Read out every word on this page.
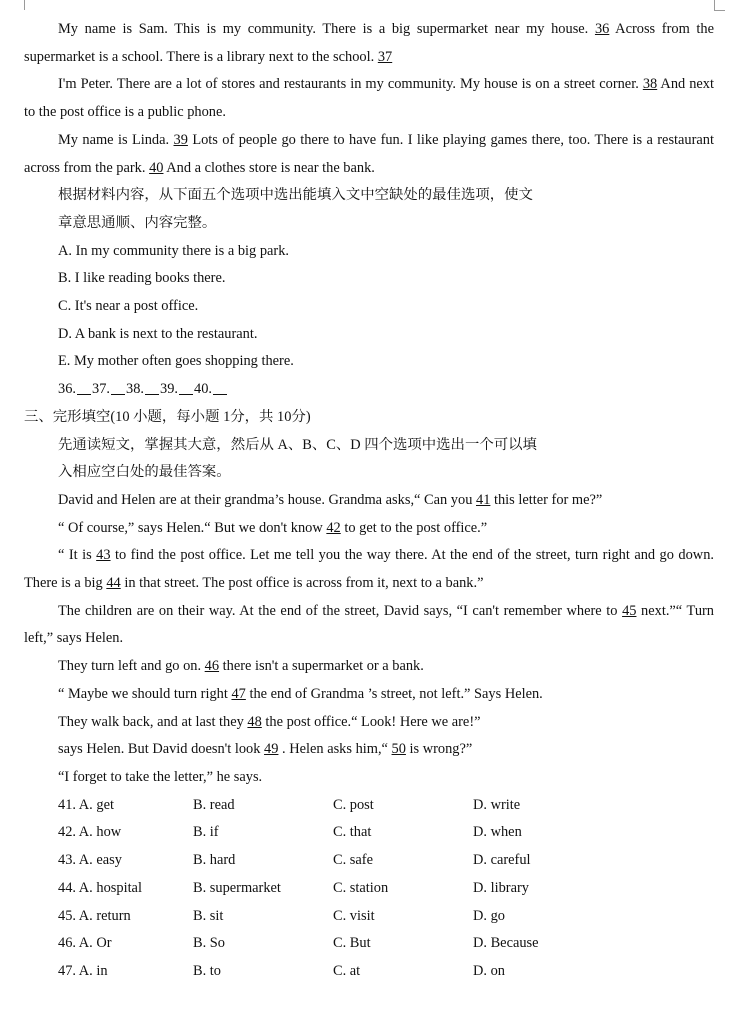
My name is Sam. This is my community. There is a big supermarket near my house. 36 Across from the supermarket is a school. There is a library next to the school. 37

I'm Peter. There are a lot of stores and restaurants in my community. My house is on a street corner. 38 And next to the post office is a public phone.

My name is Linda. 39 Lots of people go there to have fun. I like playing games there, too. There is a restaurant across from the park. 40 And a clothes store is near the bank.

根据材料内容，从下面五个选项中选出能填入文中空缺处的最佳选项，使文

章意思通顺、内容完整。

A. In my community there is a big park.

B. I like reading books there.

C. It's near a post office.

D. A bank is next to the restaurant.

E. My mother often goes shopping there.

36. 37. 38. 39. 40.

三、完形填空(10 小题，每小题 1分，共 10分)

先通读短文，掌握其大意，然后从 A、B、C、D 四个选项中选出一个可以填

入相应空白处的最佳答案。

David and Helen are at their grandma’s house. Grandma asks,“ Can you 41 this letter for me?”

“ Of course,” says Helen.“ But we don't know 42 to get to the post office.”

“ It is 43 to find the post office. Let me tell you the way there. At the end of the street, turn right and go down. There is a big 44 in that street. The post office is across from it, next to a bank.”

The children are on their way. At the end of the street, David says, “I can't remember where to 45 next.”“ Turn left,” says Helen.

They turn left and go on. 46 there isn't a supermarket or a bank.

“ Maybe we should turn right 47 the end of Grandma ’s street, not left.” Says Helen.

They walk back, and at last they 48 the post office.“ Look! Here we are!”

says Helen. But David doesn't look 49 . Helen asks him,“ 50 is wrong?”

“I forget to take the letter,” he says.

41. A. get	B. read	C. post	D. write
42. A. how	B. if	C. that	D. when
43. A. easy	B. hard	C. safe	D. careful
44. A. hospital	B. supermarket	C. station	D. library
45. A. return	B. sit	C. visit	D. go
46. A. Or	B. So	C. But	D. Because
47. A. in	B. to	C. at	D. on
